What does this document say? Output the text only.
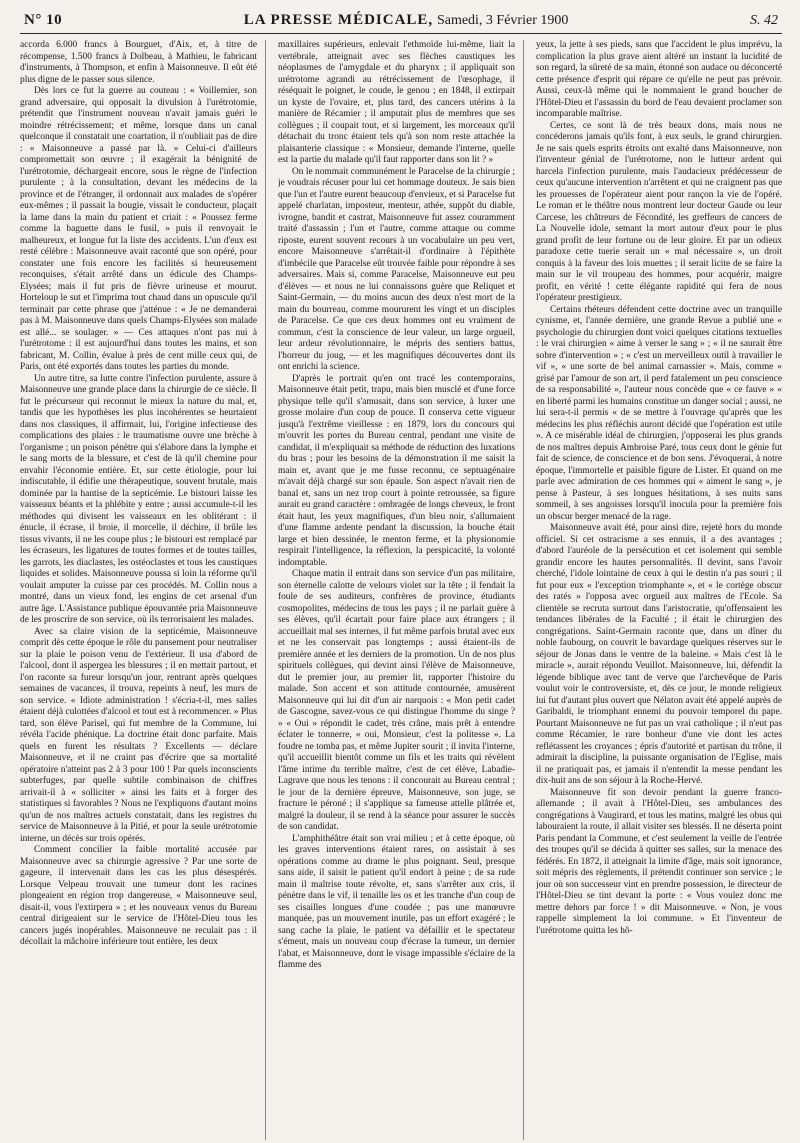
N° 10	LA PRESSE MÉDICALE, Samedi, 3 Février 1900	S. 42

accorda 6.000 francs à Bourguet, d'Aix, et, à titre de récompense, 1.500 francs à Dolbeau, à Mathieu, le fabricant d'instruments, à Thompson, et enfin à Maisonneuve. Il eût été plus digne de le passer sous silence.

Dès lors ce fut la guerre au couteau : « Voillemier, son grand adversaire, qui opposait la divulsion à l'urétrotomie, prétendit que l'instrument nouveau n'avait jamais guéri le moindre rétrécissement; et même, lorsque dans un canal quelconque il constatait une coartation, il n'oubliait pas de dire : « Maisonneuve a passé par là. » Celui-ci d'ailleurs compromettait son œuvre ; il exagérait la bénignité de l'urétrotomie, déchargeait encore, sous le règne de l'infection purulente ; à la consultation, devant les médecins de la province et de l'étranger, il ordonnait aux malades de s'opérer eux-mêmes ; il passait la bougie, vissait le conducteur, plaçait la lame dans la main du patient et criait : « Poussez ferme comme la baguette dans le fusil, » puis il renvoyait le malheureux, et longue fut la liste des accidents. L'un d'eux est resté célèbre : Maisonneuve avait raconté que son opéré, pour constater une fois encore les facilités si heureusement reconquises, s'était arrêté dans un édicule des Champs-Elysées; mais il fut pris de fièvre urineuse et mourut. Horteloup le sut et l'imprima tout chaud dans un opuscule qu'il terminait par cette phrase que j'atténue : « Je ne demanderai pas à M. Maisonneuve dans quels Champs-Elysées son malade est allé... se soulager. » — Ces attaques n'ont pas nui à l'urétrotome : il est aujourd'hui dans toutes les mains, et son fabricant, M. Collin, évalue à près de cent mille ceux qui, de Paris, ont été exportés dans toutes les parties du monde.

Un autre titre, sa lutte contre l'infection purulente, assure à Maisonneuve une grande place dans la chirurgie de ce siècle. Il fut le précurseur qui reconnut le mieux la nature du mal, et, tandis que les hypothèses les plus incohérentes se heurtaient dans nos classiques, il affirmait, lui, l'origine infectieuse des complications des plaies : le traumatisme ouvre une brèche à l'organisme ; un poison pénètre qui s'élabore dans la lymphe et le sang morts de la blessure, et c'est de là qu'il chemine pour envahir l'économie entière. Et, sur cette étiologie, pour lui indiscutable, il édifie une thérapeutique, souvent brutale, mais dominée par la hantise de la septicémie. Le bistouri laisse les vaisseaux béants et la phlébite y entre ; aussi accumule-t-il les méthodes qui divisent les vaisseaux en les oblitérant : il énucle, il écrase, il broie, il morcelle, il déchire, il brûle les tissus vivants, il ne les coupe plus ; le bistouri est remplacé par les écraseurs, les ligatures de toutes formes et de toutes tailles, les garrots, les diaclastes, les ostéoclastes et tous les caustiques liquides et solides. Maisonneuve poussa si loin la réforme qu'il voulait amputer la cuisse par ces procédés. M. Collin nous a montré, dans un vieux fond, les engins de cet arsenal d'un autre âge. L'Assistance publique épouvantée pria Maisonneuve de les proscrire de son service, où ils terrorisaient les malades.

Avec sa claire vision de la septicémie, Maisonneuve comprit dès cette époque le rôle du pansement pour neutraliser sur la plaie le poison venu de l'extérieur. Il usa d'abord de l'alcool, dont il aspergea les blessures ; il en mettait partout, et l'on raconte sa fureur lorsqu'un jour, rentrant après quelques semaines de vacances, il trouva, repeints à neuf, les murs de son service. « Idiote administration ! s'écria-t-il, mes salles étaient déjà culottées d'alcool et tout est à recommencer. » Plus tard, son élève Parisel, qui fut membre de la Commune, lui révéla l'acide phénique. La doctrine était donc parfaite. Mais quels en furent les résultats ? Excellents — déclare Maisonneuve, et il ne craint pas d'écrire que sa mortalité opératoire n'atteint pas 2 à 3 pour 100 ! Par quels inconscients subterfuges, par quelle subtile combinaison de chiffres arrivait-il à « solliciter » ainsi les faits et à forger des statistiques si favorables ? Nous ne l'expliquons d'autant moins qu'un de nos maîtres actuels constatait, dans les registres du service de Maisonneuve à la Pitié, et pour la seule urétrotomie interne, un décès sur trois opérés.

Comment concilier la faible mortalité accusée par Maisonneuve avec sa chirurgie agressive ? Par une sorte de gageure, il intervenait dans les cas les plus désespérés. Lorsque Velpeau trouvait une tumeur dont les racines plongeaient en région trop dangereuse, « Maisonneuve seul, disait-il, vous l'extirpera » ; et les nouveaux venus du Bureau central dirigeaient sur le service de l'Hôtel-Dieu tous les cancers jugés inopérables. Maisonneuve ne reculait pas : il décollait la mâchoire inférieure tout entière, les deux

maxillaires supérieurs, enlevait l'ethmoïde lui-même, liait la vertébrale, atteignait avec ses flèches caustiques les néoplasmes de l'amygdale et du pharynx ; il appliquait son urétrotome agrandi au rétrécissement de l'œsophage, il réséquait le poignet, le coude, le genou ; en 1848, il extirpait un kyste de l'ovaire, et, plus tard, des cancers utérins à la manière de Récamier ; il amputait plus de membres que ses collègues ; il coupait tout, et si largement, les morceaux qu'il détachait du tronc étaient tels qu'à son nom reste attachée la plaisanterie classique : « Monsieur, demande l'interne, quelle est la partie du malade qu'il faut rapporter dans son lit ? »

On le nommait communément le Paracelse de la chirurgie ; je voudrais récuser pour lui cet hommage douteux. Je sais bien que l'un et l'autre eurent beaucoup d'envieux, et si Paracelse fut appelé charlatan, imposteur, menteur, athée, suppôt du diable, ivrogne, bandit et castrat, Maisonneuve fut assez couramment traité d'assassin ; l'un et l'autre, comme attaque ou comme riposte, eurent souvent recours à un vocabulaire un peu vert, encore Maisonneuve s'arrêtait-il d'ordinaire à l'épithète d'imbécile que Paracelse eût trouvée faible pour répondre à ses adversaires. Mais si, comme Paracelse, Maisonneuve eut peu d'élèves — et nous ne lui connaissons guère que Reliquet et Saint-Germain, — du moins aucun des deux n'est mort de la main du bourreau, comme moururent les vingt et un disciples de Paracelse. Ce que ces deux hommes ont eu vraiment de commun, c'est la conscience de leur valeur, un large orgueil, leur ardeur révolutionnaire, le mépris des sentiers battus, l'horreur du joug, — et les magnifiques découvertes dont ils ont enrichi la science.

D'après le portrait qu'en ont tracé les contemporains, Maisonneuve était petit, trapu, mais bien musclé et d'une force physique telle qu'il s'amusait, dans son service, à luxer une grosse molaire d'un coup de pouce. Il conserva cette vigueur jusqu'à l'extrême vieillesse : en 1879, lors du concours qui m'ouvrit les portes du Bureau central, pendant une visite de candidat, il m'expliquait sa méthode de réduction des luxations du bras ; pour les besoins de la démonstration il me saisit la main et, avant que je me fusse reconnu, ce septuagénaire m'avait déjà chargé sur son épaule. Son aspect n'avait rien de banal et, sans un nez trop court à pointe retroussée, sa figure aurait eu grand caractère : ombragée de longs cheveux, le front était haut, les yeux magnifiques, d'un bleu noir, s'allumaient d'une flamme ardente pendant la discussion, la bouche était large et bien dessinée, le menton ferme, et la physionomie respirait l'intelligence, la réflexion, la perspicacité, la volonté indomptable.

Chaque matin il entrait dans son service d'un pas militaire, son éternelle calotte de velours violet sur la tête ; il fendait la foule de ses auditeurs, confrères de province, étudiants cosmopolites, médecins de tous les pays ; il ne parlait guère à ses élèves, qu'il écartait pour faire place aux étrangers ; il accueillait mal ses internes, il fut même parfois brutal avec eux et ne les conservait pas longtemps ; aussi étaient-ils de première année et les derniers de la promotion. Un de nos plus spirituels collègues, qui devint ainsi l'élève de Maisonneuve, dut le premier jour, au premier lit, rapporter l'histoire du malade. Son accent et son attitude contournée, amusèrent Maisonneuve qui lui dit d'un air narquois : « Mon petit cadet de Gascogne, savez-vous ce qui distingue l'homme du singe ? » « Oui » répondit le cadet, très crâne, mais prêt à entendre éclater le tonnerre, « oui, Monsieur, c'est la politesse ». La foudre ne tomba pas, et même Jupiter sourit ; il invita l'interne, qu'il accueillit bientôt comme un fils et les traits qui révèlent l'âme intime du terrible maître, c'est de cet élève, Labadie-Lagrave que nous les tenons : il concourait au Bureau central ; le jour de la dernière épreuve, Maisonneuve, son juge, se fracture le péroné ; il s'applique sa fameuse attelle plâtrée et, malgré la douleur, il se rend à la séance pour assurer le succès de son candidat.

L'amphithéâtre était son vrai milieu ; et à cette époque, où les graves interventions étaient rares, on assistait à ses opérations comme au drame le plus poignant. Seul, presque sans aide, il saisit le patient qu'il endort à peine ; de sa rude main il maîtrise toute révolte, et, sans s'arrêter aux cris, il pénètre dans le vif, il tenaille les os et les tranche d'un coup de ses cisailles longues d'une coudée ; pas une manœuvre manquée, pas un mouvement inutile, pas un effort exagéré ; le sang cache la plaie, le patient va défaillir et le spectateur s'émeut, mais un nouveau coup d'écrase la tumeur, un dernier l'abat, et Maisonneuve, dont le visage impassible s'éclaire de la flamme des

yeux, la jette à ses pieds, sans que l'accident le plus imprévu, la complication la plus grave aient altéré un instant la lucidité de son regard, la sûreté de sa main, étonné son audace ou déconcerté cette présence d'esprit qui répare ce qu'elle ne peut pas prévoir. Aussi, ceux-là même qui le nommaient le grand boucher de l'Hôtel-Dieu et l'assassin du bord de l'eau devaient proclamer son incomparable maîtrise.

Certes, ce sont là de très beaux dons, mais nous ne concéderons jamais qu'ils font, à eux seuls, le grand chirurgien. Je ne sais quels esprits étroits ont exalté dans Maisonneuve, non l'inventeur génial de l'urétrotome, non le lutteur ardent qui harcela l'infection purulente, mais l'audacieux prédécesseur de ceux qu'aucune intervention n'arrêtent et qui ne craignent pas que les prouesses de l'opérateur aient pour rançon la vie de l'opéré. Le roman et le théâtre nous montrent leur docteur Gaude ou leur Carcese, les châtreurs de Fécondité, les greffeurs de cancers de La Nouvelle idole, semant la mort autour d'eux pour le plus grand profit de leur fortune ou de leur gloire. Et par un odieux paradoxe cette tuerie serait un « mal nécessaire », un droit conquis à la faveur des lois muettes ; il serait licite de se faire la main sur le vil troupeau des hommes, pour acquérir, maigre profit, en vérité ! cette élégante rapidité qui fera de nous l'opérateur prestigieux.

Certains rhéteurs défendent cette doctrine avec un tranquille cynisme, et, l'année dernière, une grande Revue a publié une « psychologie du chirurgien dont voici quelques citations textuelles : le vrai chirurgien « aime à verser le sang » ; « il ne saurait être sobre d'intervention » ; « c'est un merveilleux outil à travailler le vif », « une sorte de bel animal carnassier ». Mais, comme « grisé par l'amour de son art, il perd fatalement un peu conscience de sa responsabilité », l'auteur nous concède que « ce fauve » « en liberté parmi les humains constitue un danger social ; aussi, ne lui sera-t-il permis « de se mettre à l'ouvrage qu'après que les médecins les plus réfléchis auront décidé que l'opération est utile ». A ce misérable idéal de chirurgien, j'opposerai les plus grands de nos maîtres depuis Ambroise Paré, tous ceux dont le génie fut fait de science, de conscience et de bon sens. J'évoquerai, à notre époque, l'immortelle et paisible figure de Lister. Et quand on me parle avec admiration de ces hommes qui « aiment le sang », je pense à Pasteur, à ses longues hésitations, à ses nuits sans sommeil, à ses angoisses lorsqu'il inocula pour la première fois un obscur berger menacé de la rage.

Maisonneuve avait été, pour ainsi dire, rejeté hors du monde officiel. Si cet ostracisme a ses ennuis, il a des avantages ; d'abord l'auréole de la persécution et cet isolement qui semble grandir encore les hautes personnalités. Il devint, sans l'avoir cherché, l'idole lointaine de ceux à qui le destin n'a pas souri ; il fut pour eux « l'exception triomphante », et « le cortège obscur des ratés » l'opposa avec orgueil aux maîtres de l'Ecole. Sa clientèle se recruta surtout dans l'aristocratie, qu'offensaient les tendances libérales de la Faculté ; il était le chirurgien des congrégations. Saint-Germain raconte que, dans un dîner du noble faubourg, on couvrit le bavardage quelques réserves sur le séjour de Jonas dans le ventre de la baleine. « Mais c'est là le miracle », aurait répondu Veuillot. Maisonneuve, lui, défendit la légende biblique avec tant de verve que l'archevêque de Paris voulut voir le controversiste, et, dès ce jour, le monde religieux lui fut d'autant plus ouvert que Nélaton avait été appelé auprès de Garibaldi, le triomphant ennemi du pouvoir temporel du pape. Pourtant Maisonneuve ne fut pas un vrai catholique ; il n'eut pas comme Récamier, le rare bonheur d'une vie dont les actes reflétassent les croyances ; épris d'autorité et partisan du trône, il admirait la discipline, la puissante organisation de l'Eglise, mais il ne pratiquait pas, et jamais il n'entendit la messe pendant les dix-huit ans de son séjour à la Roche-Hervé.

Maisonneuve fit son devoir pendant la guerre franco-allemande ; il avait à l'Hôtel-Dieu, ses ambulances des congrégations à Vaugirard, et tous les matins, malgré les obus qui labouraient la route, il allait visiter ses blessés. Il ne déserta point Paris pendant la Commune, et c'est seulement la veille de l'entrée des troupes qu'il se décida à quitter ses salles, sur la menace des fédérés. En 1872, il atteignait la limite d'âge, mais soit ignorance, soit mépris des règlements, il prétendit continuer son service ; le jour où son successeur vint en prendre possession, le directeur de l'Hôtel-Dieu se tint devant la porte : « Vous voulez donc me mettre dehors par force ! » dit Maisonneuve. « Non, je vous rappelle simplement la loi commune. » Et l'inventeur de l'urétrotome quitta les hô-
